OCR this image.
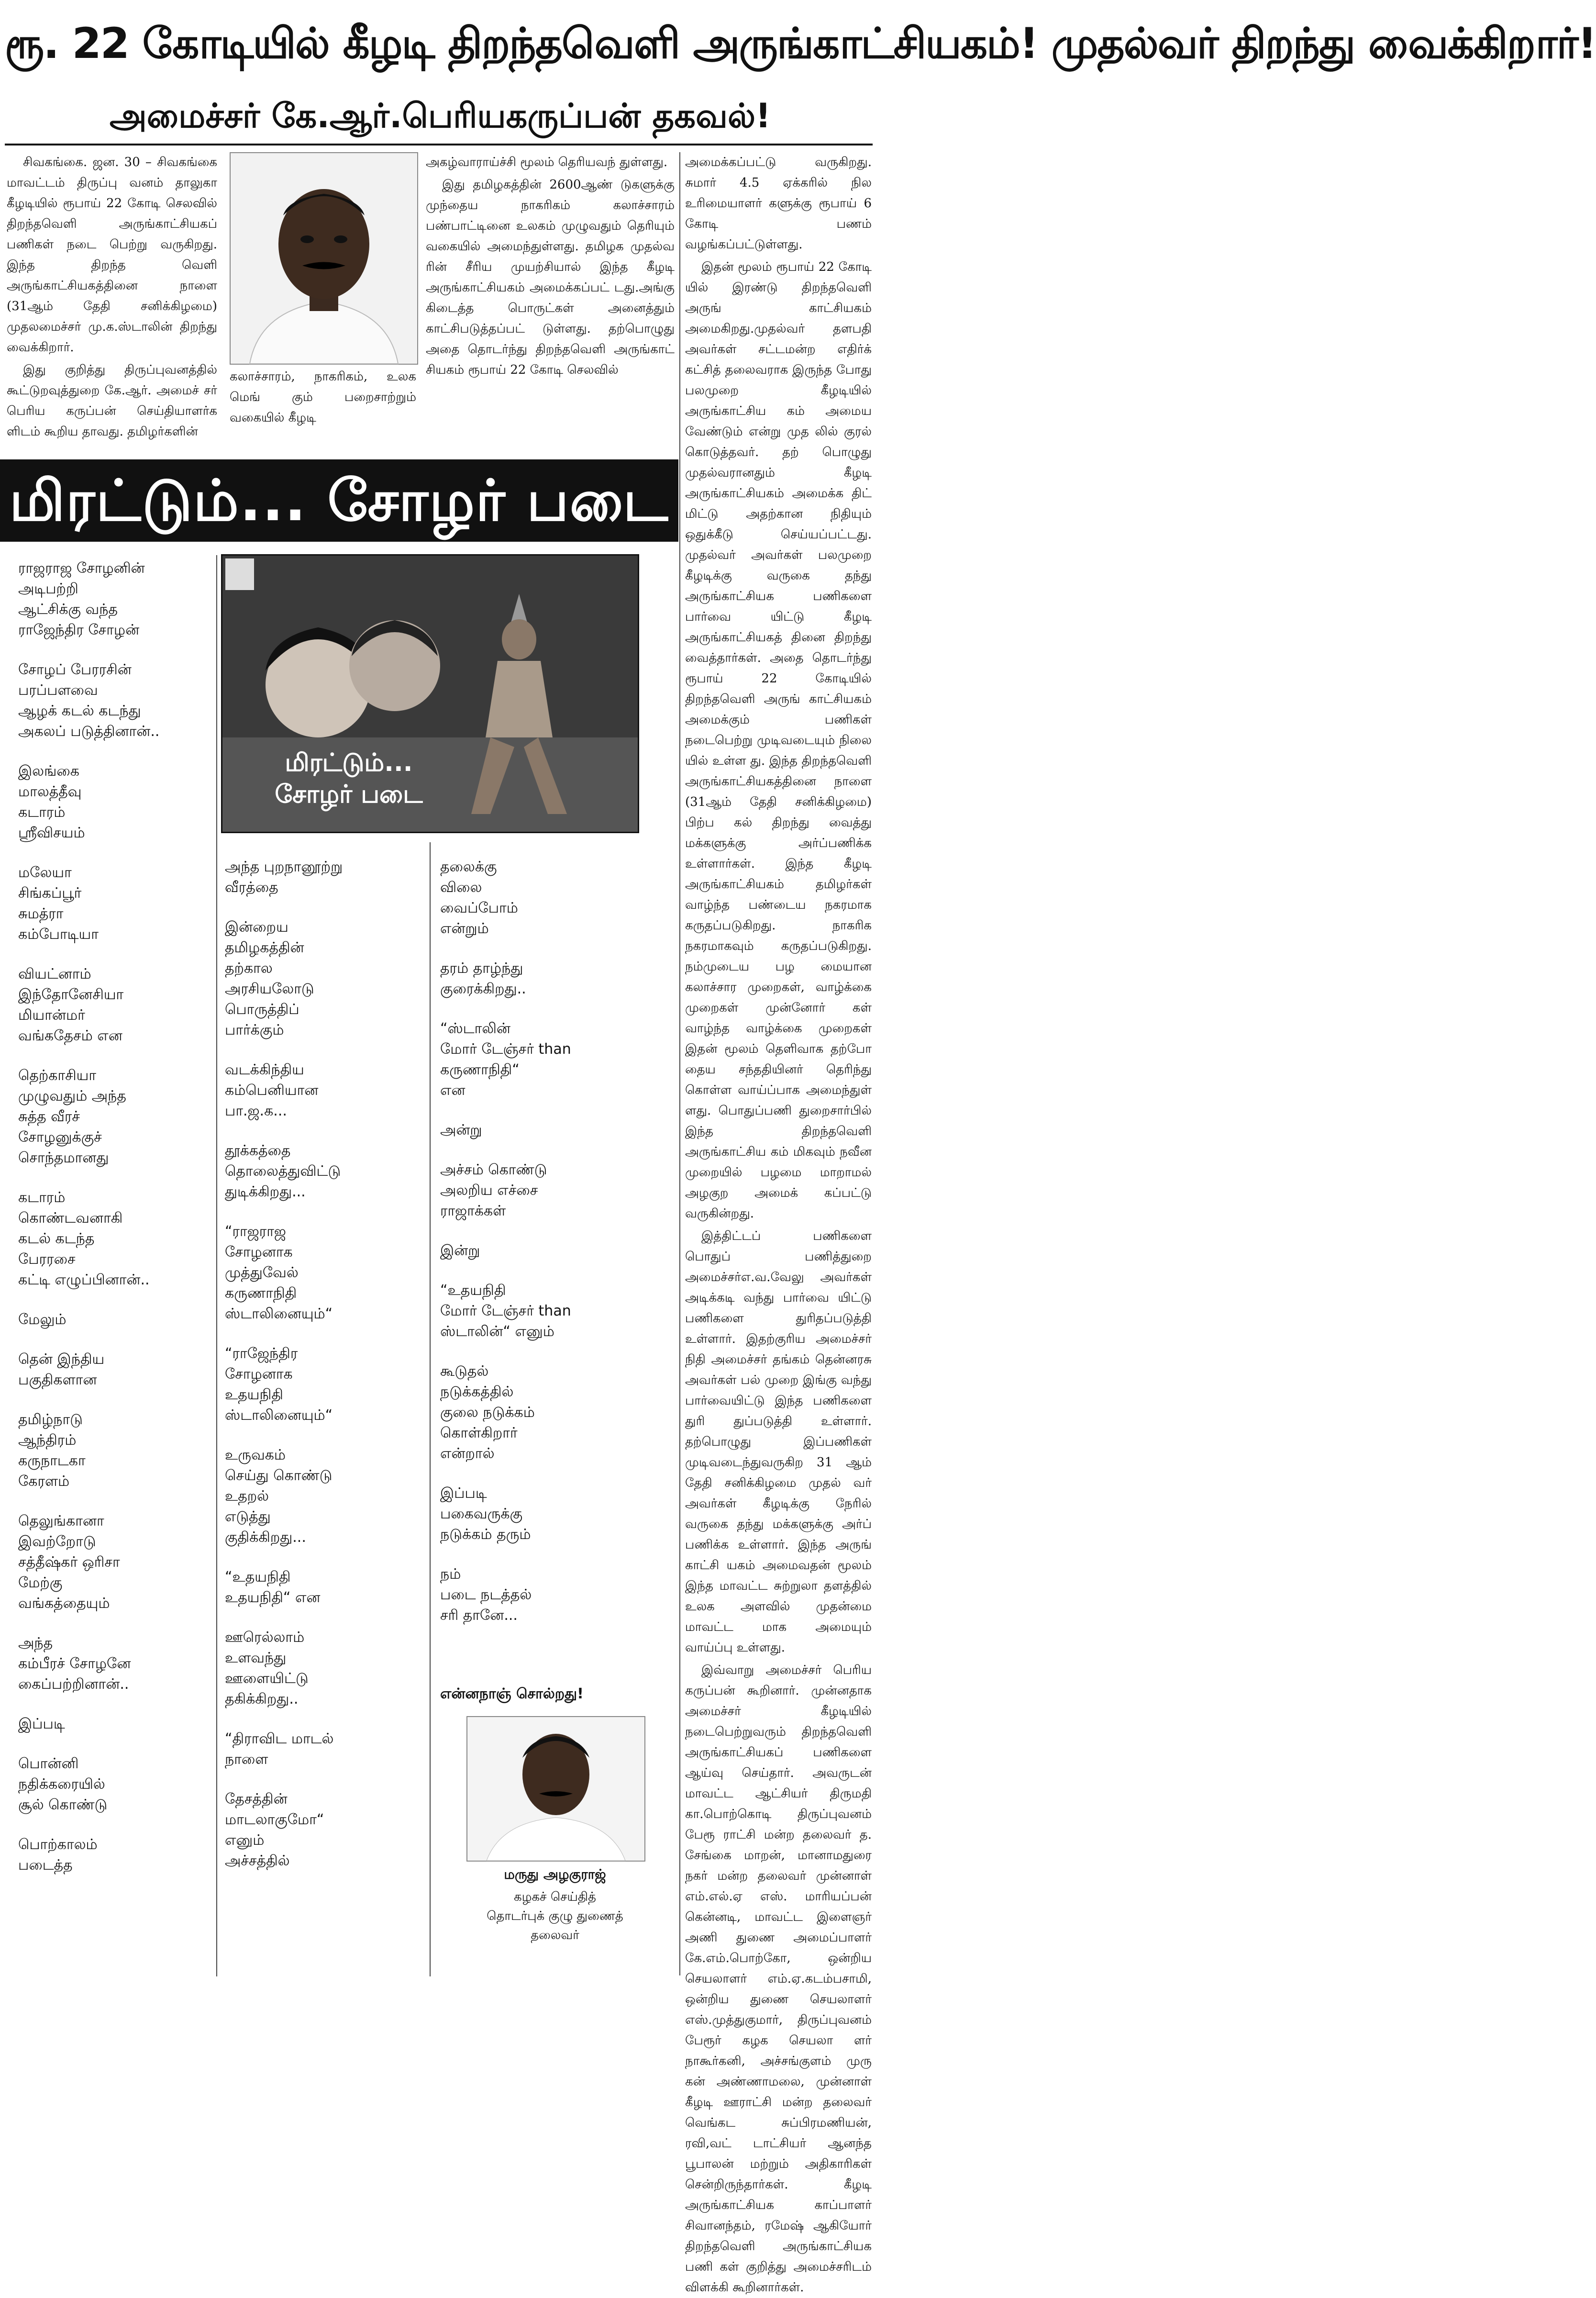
ரூ. 22 கோடியில் கீழடி திறந்தவெளி அருங்காட்சியகம்! முதல்வர் திறந்து வைக்கிறார்!
அமைச்சர் கே.ஆர்.பெரியகருப்பன் தகவல்!

சிவகங்கை. ஜன. 30 – சிவகங்கை மாவட்டம் திருப்பு வனம் தாலுகா கீழடியில் ரூபாய் 22 கோடி செலவில் திறந்தவெளி அருங்காட்சியகப் பணிகள் நடை பெற்று வருகிறது. இந்த திறந்த வெளி அருங்காட்சியகத்தினை நாளை (31ஆம் தேதி சனிக்கிழமை) முதலமைச்சர் மு.க.ஸ்டாலின் திறந்து வைக்கிறார்.

இது குறித்து திருப்புவனத்தில் கூட்டுறவுத்துறை கே.ஆர். அமைச் சர் பெரிய கருப்பன் செய்தியாளர்க ளிடம் கூறிய தாவது. தமிழர்களின்

கலாச்சாரம், நாகரிகம், உலக மெங் கும் பறைசாற்றும் வகையில் கீழடி

அகழ்வாராய்ச்சி மூலம் தெரியவந் துள்ளது.

இது தமிழகத்தின் 2600ஆண் டுகளுக்கு முந்தைய நாகரிகம் கலாச்சாரம் பண்பாட்டினை உலகம் முழுவதும் தெரியும் வகையில் அமைந்துள்ளது. தமிழக முதல்வ ரின் சீரிய முயற்சியால் இந்த கீழடி அருங்காட்சியகம் அமைக்கப்பட் டது.அங்கு கிடைத்த பொருட்கள் அனைத்தும் காட்சிபடுத்தப்பட் டுள்ளது. தற்பொழுது அதை தொடர்ந்து திறந்தவெளி அருங்காட் சியகம் ரூபாய் 22 கோடி செலவில்

அமைக்கப்பட்டு வருகிறது. சுமார் 4.5 ஏக்கரில் நில உரிமையாளர் களுக்கு ரூபாய் 6 கோடி பணம் வழங்கப்பட்டுள்ளது.

இதன் மூலம் ரூபாய் 22 கோடி யில் இரண்டு திறந்தவெளி அருங் காட்சியகம் அமைகிறது.முதல்வர் தளபதி அவர்கள் சட்டமன்ற எதிர்க் கட்சித் தலைவராக இருந்த போது பலமுறை கீழடியில் அருங்காட்சிய கம் அமைய வேண்டும் என்று முத லில் குரல் கொடுத்தவர். தற் பொழுது முதல்வரானதும் கீழடி அருங்காட்சியகம் அமைக்க திட் மிட்டு அதற்கான நிதியும் ஒதுக்கீடு செய்யப்பட்டது. முதல்வர் அவர்கள் பலமுறை கீழடிக்கு வருகை தந்து அருங்காட்சியக பணிகளை பார்வை யிட்டு கீழடி அருங்காட்சியகத் தினை திறந்து வைத்தார்கள். அதை தொடர்ந்து ரூபாய் 22 கோடியில் திறந்தவெளி அருங் காட்சியகம் அமைக்கும் பணிகள் நடைபெற்று முடிவடையும் நிலை யில் உள்ள து. இந்த திறந்தவெளி அருங்காட்சியகத்தினை நாளை (31ஆம் தேதி சனிக்கிழமை) பிற்ப கல் திறந்து வைத்து மக்களுக்கு அர்ப்பணிக்க உள்ளார்கள். இந்த கீழடி அருங்காட்சியகம் தமிழர்கள் வாழ்ந்த பண்டைய நகரமாக கருதப்படுகிறது. நாகரிக நகரமாகவும் கருதப்படுகிறது. நம்முடைய பழ மையான கலாச்சார முறைகள், வாழ்க்கை முறைகள் முன்னோர் கள் வாழ்ந்த வாழ்க்கை முறைகள் இதன் மூலம் தெளிவாக தற்போ தைய சந்ததியினர் தெரிந்து கொள்ள வாய்ப்பாக அமைந்துள் ளது. பொதுப்பணி துறைசார்பில் இந்த திறந்தவெளி அருங்காட்சிய கம் மிகவும் நவீன முறையில் பழமை மாறாமல் அழகுற அமைக் கப்பட்டு வருகின்றது.

இத்திட்டப் பணிகளை பொதுப் பணித்துறை அமைச்சர்எ.வ.வேலு அவர்கள் அடிக்கடி வந்து பார்வை யிட்டு பணிகளை துரிதப்படுத்தி உள்ளார். இதற்குரிய அமைச்சர் நிதி அமைச்சர் தங்கம் தென்னரசு அவர்கள் பல் முறை இங்கு வந்து பார்வையிட்டு இந்த பணிகளை துரி துப்படுத்தி உள்ளார். தற்பொழுது இப்பணிகள் முடிவடைந்துவருகிற 31 ஆம் தேதி சனிக்கிழமை முதல் வர் அவர்கள் கீழடிக்கு நேரில் வருகை தந்து மக்களுக்கு அர்ப் பணிக்க உள்ளார். இந்த அருங் காட்சி யகம் அமைவதன் மூலம் இந்த மாவட்ட சுற்றுலா தளத்தில் உலக அளவில் முதன்மை மாவட்ட மாக அமையும் வாய்ப்பு உள்ளது.

இவ்வாறு அமைச்சர் பெரிய கருப்பன் கூறினார். முன்னதாக அமைச்சர் கீழடியில் நடைபெற்றுவரும் திறந்தவெளி அருங்காட்சியகப் பணிகளை ஆய்வு செய்தார். அவருடன் மாவட்ட ஆட்சியர் திருமதி கா.பொற்கொடி திருப்புவனம் பேரூ ராட்சி மன்ற தலைவர் த. சேங்கை மாறன், மானாமதுரை நகர் மன்ற தலைவர் முன்னாள் எம்.எல்.ஏ எஸ். மாரியப்பன் கென்னடி, மாவட்ட இளைஞர் அணி துணை அமைப்பாளர் கே.எம்.பொற்கோ, ஒன்றிய செயலாளர் எம்.ஏ.கடம்பசாமி, ஒன்றிய துணை செயலாளர் எஸ்.முத்துகுமார், திருப்புவனம் பேரூர் கழக செயலா ளர் நாகூர்கனி, அச்சங்குளம் முரு கன் அண்ணாமலை, முன்னாள் கீழடி ஊராட்சி மன்ற தலைவர் வெங்கட சுப்பிரமணியன், ரவி,வட் டாட்சியர் ஆனந்த பூபாலன் மற்றும் அதிகாரிகள் சென்றிருந்தார்கள். கீழடி அருங்காட்சியக காப்பாளர் சிவானந்தம், ரமேஷ் ஆகியோர் திறந்தவெளி அருங்காட்சியக பணி கள் குறித்து அமைச்சரிடம் விளக்கி கூறினார்கள்.

மிரட்டும்... சோழர் படை
மிரட்டும்...
சோழர் படை
ராஜராஜ சோழனின்
அடிபற்றி
ஆட்சிக்கு வந்த
ராஜேந்திர சோழன்
சோழப் பேரரசின்
பரப்பளவை
ஆழக் கடல் கடந்து
அகலப் படுத்தினான்..
இலங்கை
மாலத்தீவு
கடாரம்
ஸ்ரீவிசயம்
மலேயா
சிங்கப்பூர்
சுமத்ரா
கம்போடியா
வியட்னாம்
இந்தோனேசியா
மியான்மர்
வங்கதேசம் என
தெற்காசியா
முழுவதும் அந்த
சுத்த வீரச்
சோழனுக்குச்
சொந்தமானது
கடாரம்
கொண்டவனாகி
கடல் கடந்த
பேரரசை
கட்டி எழுப்பினான்..
மேலும்
தென் இந்திய
பகுதிகளான
தமிழ்நாடு
ஆந்திரம்
கருநாடகா
கேரளம்
தெலுங்கானா
இவற்றோடு
சத்தீஷ்கர் ஒரிசா
மேற்கு
வங்கத்தையும்
அந்த
கம்பீரச் சோழனே
கைப்பற்றினான்..
இப்படி
பொன்னி
நதிக்கரையில்
சூல் கொண்டு
பொற்காலம்
படைத்த
அந்த புறநானூற்று
வீரத்தை
இன்றைய
தமிழகத்தின்
தற்கால
அரசியலோடு
பொருத்திப்
பார்க்கும்
வடக்கிந்திய
கம்பெனியான
பா.ஜ.க...
தூக்கத்தை
தொலைத்துவிட்டு
துடிக்கிறது...
“ராஜராஜ
சோழனாக
முத்துவேல்
கருணாநிதி
ஸ்டாலினையும்“
“ராஜேந்திர
சோழனாக
உதயநிதி
ஸ்டாலினையும்“
உருவகம்
செய்து கொண்டு
உதறல்
எடுத்து
குதிக்கிறது...
“உதயநிதி
உதயநிதி“ என
ஊரெல்லாம்
உளவந்து
ஊளையிட்டு
தகிக்கிறது..
“திராவிட மாடல்
நாளை
தேசத்தின்
மாடலாகுமோ“
எனும்
அச்சத்தில்
தலைக்கு
விலை
வைப்போம்
என்றும்
தரம் தாழ்ந்து
குரைக்கிறது..
“ஸ்டாலின்
மோர் டேஞ்சர் than
கருணாநிதி“
என
அன்று
அச்சம் கொண்டு
அலறிய எச்சை
ராஜாக்கள்
இன்று
“உதயநிதி
மோர் டேஞ்சர் than
ஸ்டாலின்“ எனும்
கூடுதல்
நடுக்கத்தில்
குலை நடுக்கம்
கொள்கிறார்
என்றால்
இப்படி
பகைவருக்கு
நடுக்கம் தரும்
நம்
படை நடத்தல்
சரி தானே...
என்னநாஞ் சொல்றது!
மருது அழகுராஜ்
கழகச் செய்தித்
தொடர்புக் குழு துணைத்
தலைவர்
